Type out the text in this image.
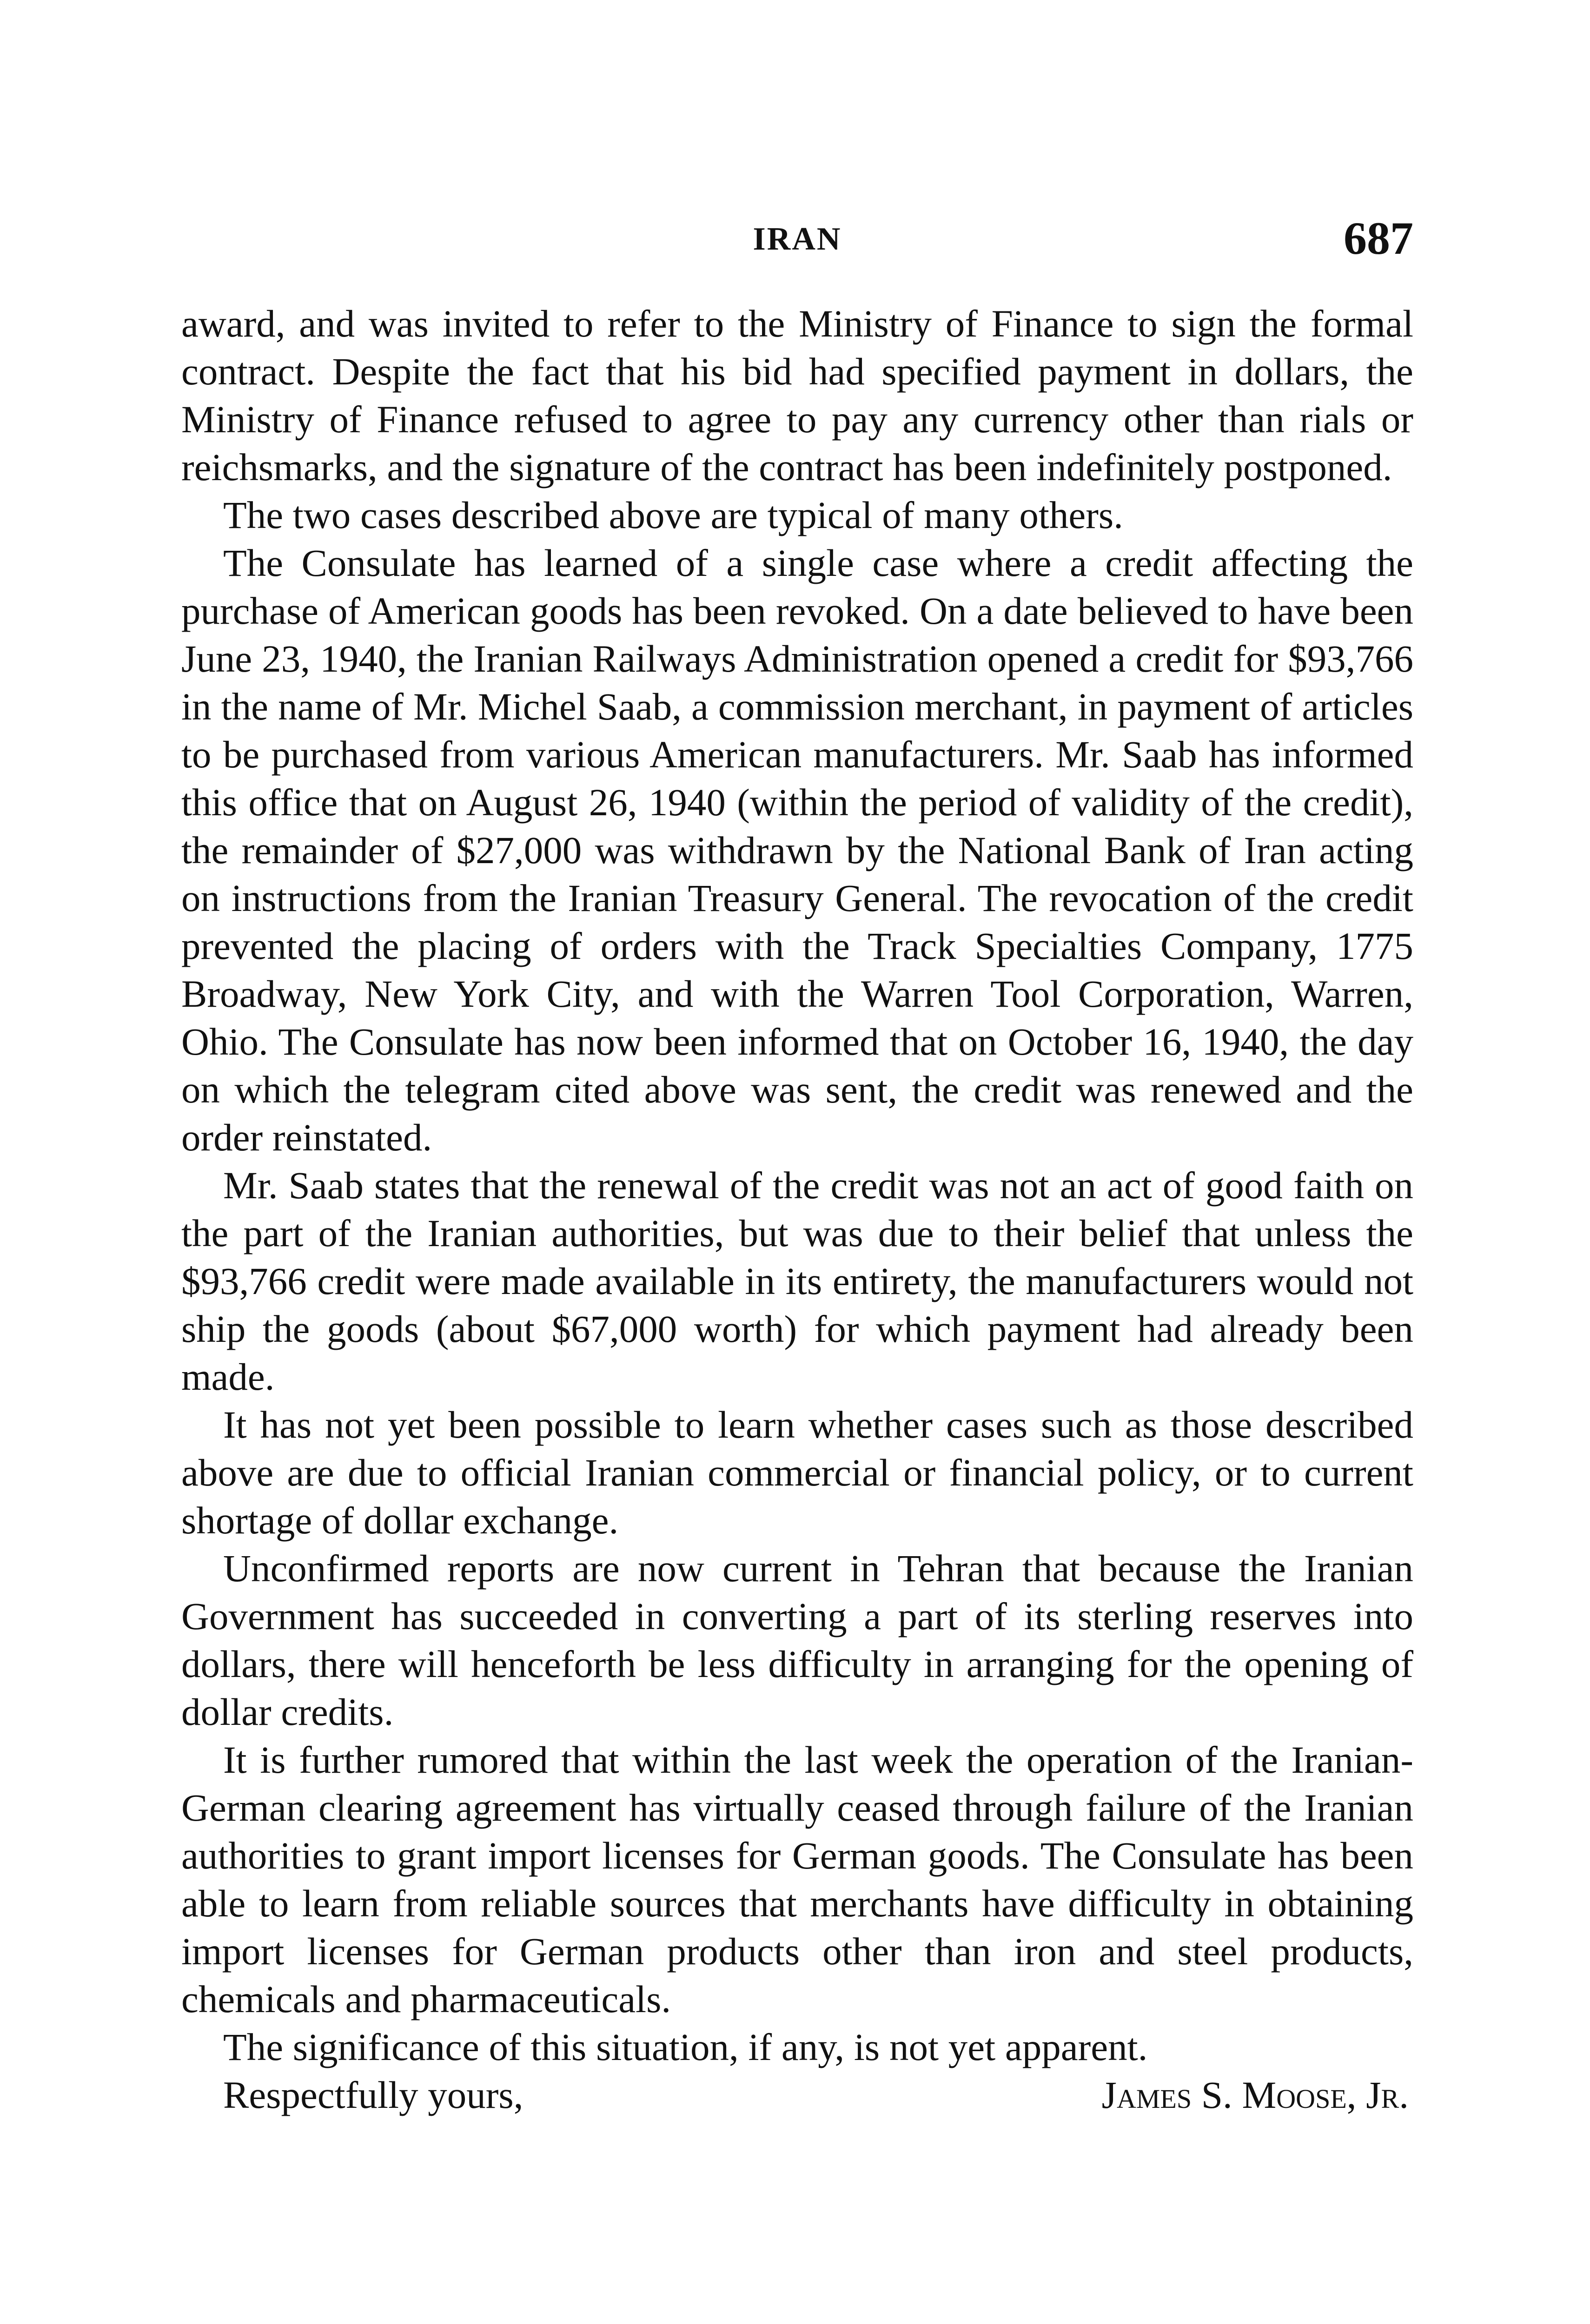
IRAN	687

award, and was invited to refer to the Ministry of Finance to sign the formal contract. Despite the fact that his bid had specified payment in dollars, the Ministry of Finance refused to agree to pay any currency other than rials or reichsmarks, and the signature of the contract has been indefinitely postponed.

The two cases described above are typical of many others.

The Consulate has learned of a single case where a credit affecting the purchase of American goods has been revoked. On a date believed to have been June 23, 1940, the Iranian Railways Administration opened a credit for $93,766 in the name of Mr. Michel Saab, a commission merchant, in payment of articles to be purchased from various American manufacturers. Mr. Saab has informed this office that on August 26, 1940 (within the period of validity of the credit), the remainder of $27,000 was withdrawn by the National Bank of Iran acting on instructions from the Iranian Treasury General. The revocation of the credit prevented the placing of orders with the Track Specialties Company, 1775 Broadway, New York City, and with the Warren Tool Corporation, Warren, Ohio. The Consulate has now been informed that on October 16, 1940, the day on which the telegram cited above was sent, the credit was renewed and the order reinstated.

Mr. Saab states that the renewal of the credit was not an act of good faith on the part of the Iranian authorities, but was due to their belief that unless the $93,766 credit were made available in its entirety, the manufacturers would not ship the goods (about $67,000 worth) for which payment had already been made.

It has not yet been possible to learn whether cases such as those described above are due to official Iranian commercial or financial policy, or to current shortage of dollar exchange.

Unconfirmed reports are now current in Tehran that because the Iranian Government has succeeded in converting a part of its sterling reserves into dollars, there will henceforth be less difficulty in arranging for the opening of dollar credits.

It is further rumored that within the last week the operation of the Iranian-German clearing agreement has virtually ceased through failure of the Iranian authorities to grant import licenses for German goods. The Consulate has been able to learn from reliable sources that merchants have difficulty in obtaining import licenses for German products other than iron and steel products, chemicals and pharmaceuticals.

The significance of this situation, if any, is not yet apparent.

Respectfully yours,	James S. Moose, Jr.
